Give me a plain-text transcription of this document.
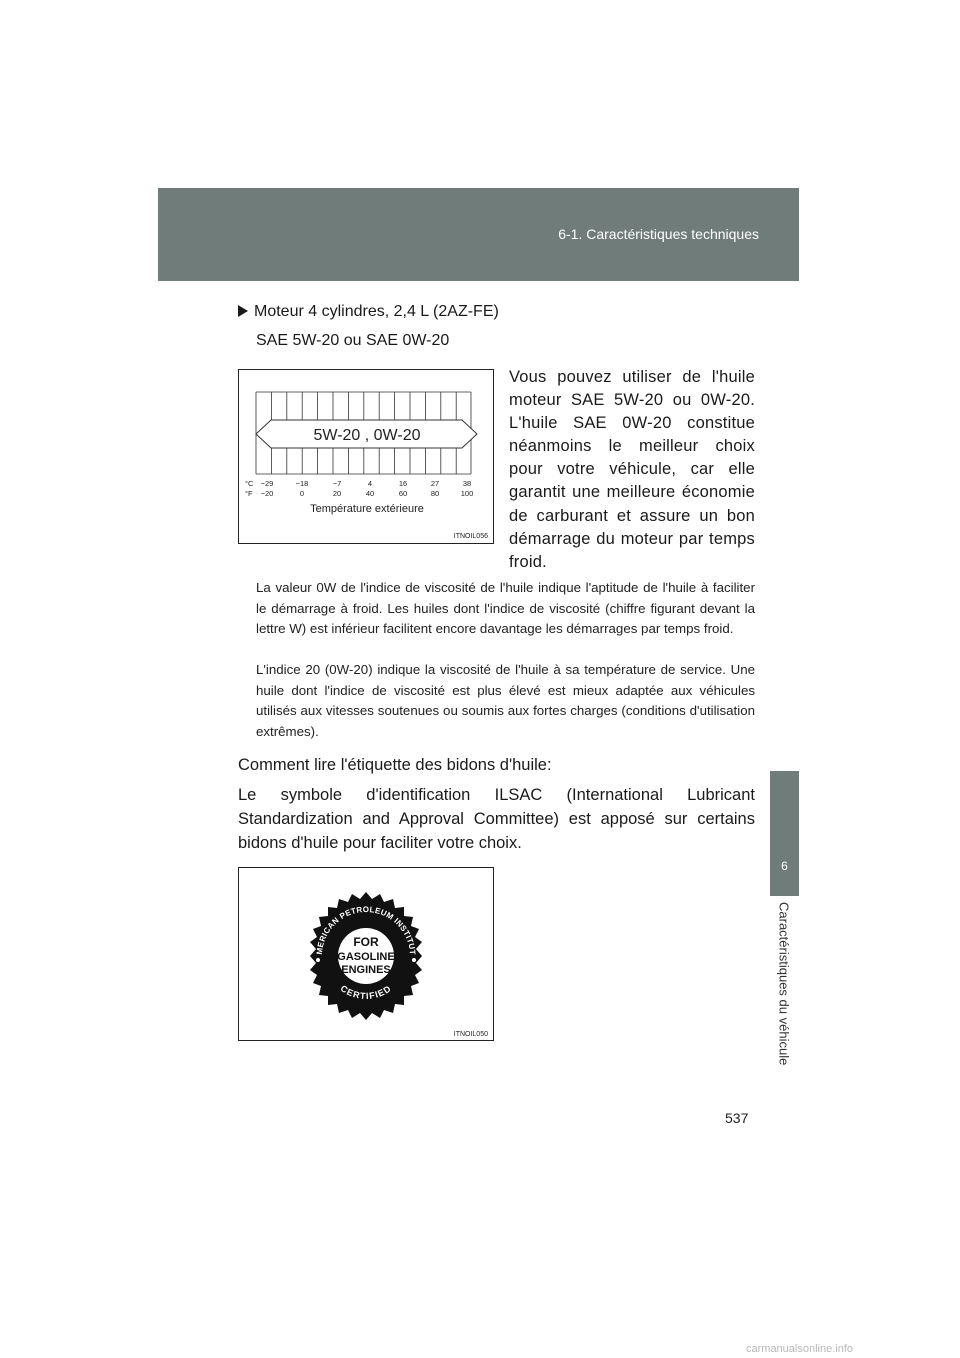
6-1. Caractéristiques techniques
6
Caractéristiques du véhicule
Moteur 4 cylindres, 2,4 L (2AZ-FE)
SAE 5W-20 ou SAE 0W-20
5W-20 , 0W-20
°C
°F
−29	−18	−7	4	16	27	38
−20	0	20	40	60	80	100
Température extérieure
ITNOIL056
Vous pouvez utiliser de l'huile moteur SAE 5W-20 ou 0W-20. L'huile SAE 0W-20 constitue néanmoins le meilleur choix pour votre véhicule, car elle garantit une meilleure économie de carburant et assure un bon démarrage du moteur par temps froid.
La valeur 0W de l'indice de viscosité de l'huile indique l'aptitude de l'huile à faciliter le démarrage à froid. Les huiles dont l'indice de viscosité (chiffre figurant devant la lettre W) est inférieur facilitent encore davantage les démarrages par temps froid.
L'indice 20 (0W-20) indique la viscosité de l'huile à sa température de service. Une huile dont l'indice de viscosité est plus élevé est mieux adaptée aux véhicules utilisés aux vitesses soutenues ou soumis aux fortes charges (conditions d'utilisation extrêmes).
Comment lire l'étiquette des bidons d'huile:
Le symbole d'identification ILSAC (International Lubricant Standardization and Approval Committee) est apposé sur certains bidons d'huile pour faciliter votre choix.
MERICAN PETROLEUM INSTITUT
CERTIFIED
FOR
GASOLINE
ENGINES
ITNOIL050
537
carmanualsonline.info
